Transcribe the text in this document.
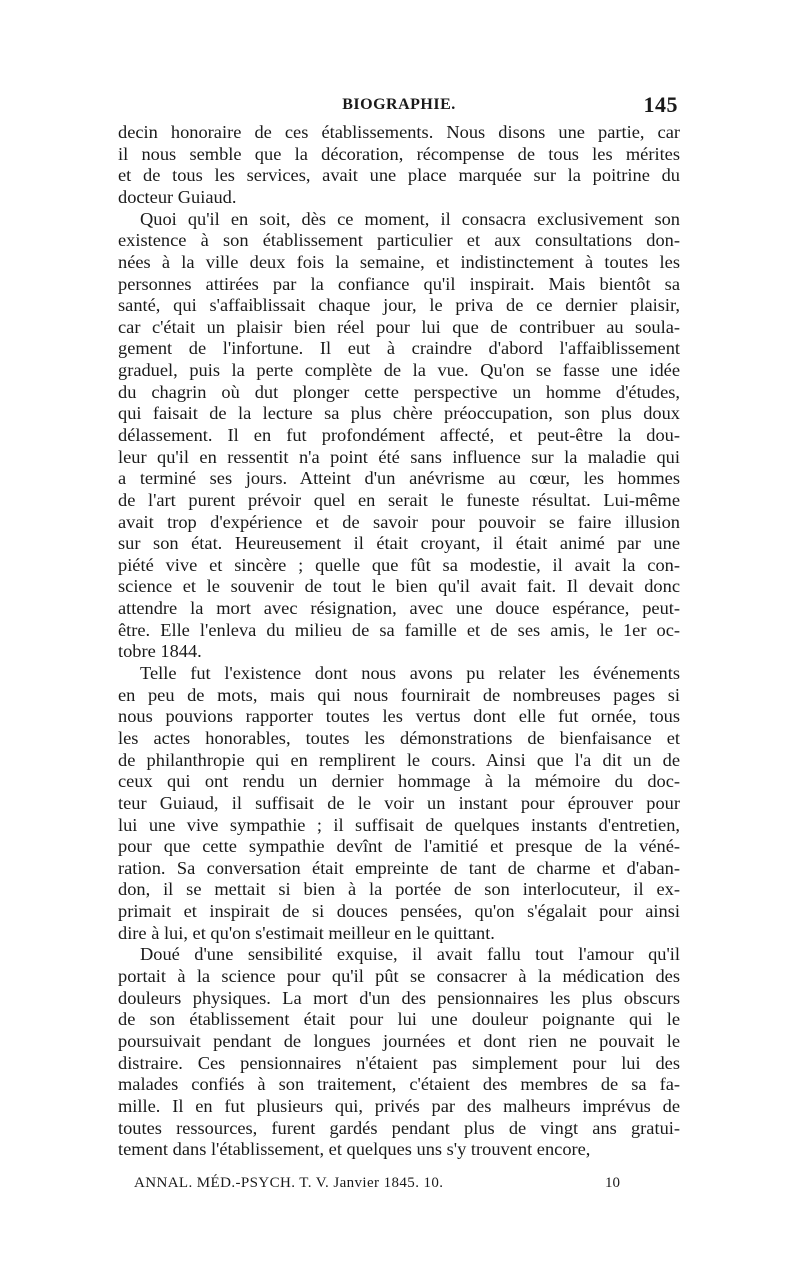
BIOGRAPHIE.	145

decin honoraire de ces établissements. Nous disons une partie, car
il nous semble que la décoration, récompense de tous les mérites
et de tous les services, avait une place marquée sur la poitrine du
docteur Guiaud.

Quoi qu'il en soit, dès ce moment, il consacra exclusivement son
existence à son établissement particulier et aux consultations don-
nées à la ville deux fois la semaine, et indistinctement à toutes les
personnes attirées par la confiance qu'il inspirait. Mais bientôt sa
santé, qui s'affaiblissait chaque jour, le priva de ce dernier plaisir,
car c'était un plaisir bien réel pour lui que de contribuer au soula-
gement de l'infortune. Il eut à craindre d'abord l'affaiblissement
graduel, puis la perte complète de la vue. Qu'on se fasse une idée
du chagrin où dut plonger cette perspective un homme d'études,
qui faisait de la lecture sa plus chère préoccupation, son plus doux
délassement. Il en fut profondément affecté, et peut-être la dou-
leur qu'il en ressentit n'a point été sans influence sur la maladie qui
a terminé ses jours. Atteint d'un anévrisme au cœur, les hommes
de l'art purent prévoir quel en serait le funeste résultat. Lui-même
avait trop d'expérience et de savoir pour pouvoir se faire illusion
sur son état. Heureusement il était croyant, il était animé par une
piété vive et sincère ; quelle que fût sa modestie, il avait la con-
science et le souvenir de tout le bien qu'il avait fait. Il devait donc
attendre la mort avec résignation, avec une douce espérance, peut-
être. Elle l'enleva du milieu de sa famille et de ses amis, le 1er oc-
tobre 1844.

Telle fut l'existence dont nous avons pu relater les événements
en peu de mots, mais qui nous fournirait de nombreuses pages si
nous pouvions rapporter toutes les vertus dont elle fut ornée, tous
les actes honorables, toutes les démonstrations de bienfaisance et
de philanthropie qui en remplirent le cours. Ainsi que l'a dit un de
ceux qui ont rendu un dernier hommage à la mémoire du doc-
teur Guiaud, il suffisait de le voir un instant pour éprouver pour
lui une vive sympathie ; il suffisait de quelques instants d'entretien,
pour que cette sympathie devînt de l'amitié et presque de la véné-
ration. Sa conversation était empreinte de tant de charme et d'aban-
don, il se mettait si bien à la portée de son interlocuteur, il ex-
primait et inspirait de si douces pensées, qu'on s'égalait pour ainsi
dire à lui, et qu'on s'estimait meilleur en le quittant.

Doué d'une sensibilité exquise, il avait fallu tout l'amour qu'il
portait à la science pour qu'il pût se consacrer à la médication des
douleurs physiques. La mort d'un des pensionnaires les plus obscurs
de son établissement était pour lui une douleur poignante qui le
poursuivait pendant de longues journées et dont rien ne pouvait le
distraire. Ces pensionnaires n'étaient pas simplement pour lui des
malades confiés à son traitement, c'étaient des membres de sa fa-
mille. Il en fut plusieurs qui, privés par des malheurs imprévus de
toutes ressources, furent gardés pendant plus de vingt ans gratui-
tement dans l'établissement, et quelques uns s'y trouvent encore,

ANNAL. MÉD.-PSYCH. T. V. Janvier 1845. 10.	10
